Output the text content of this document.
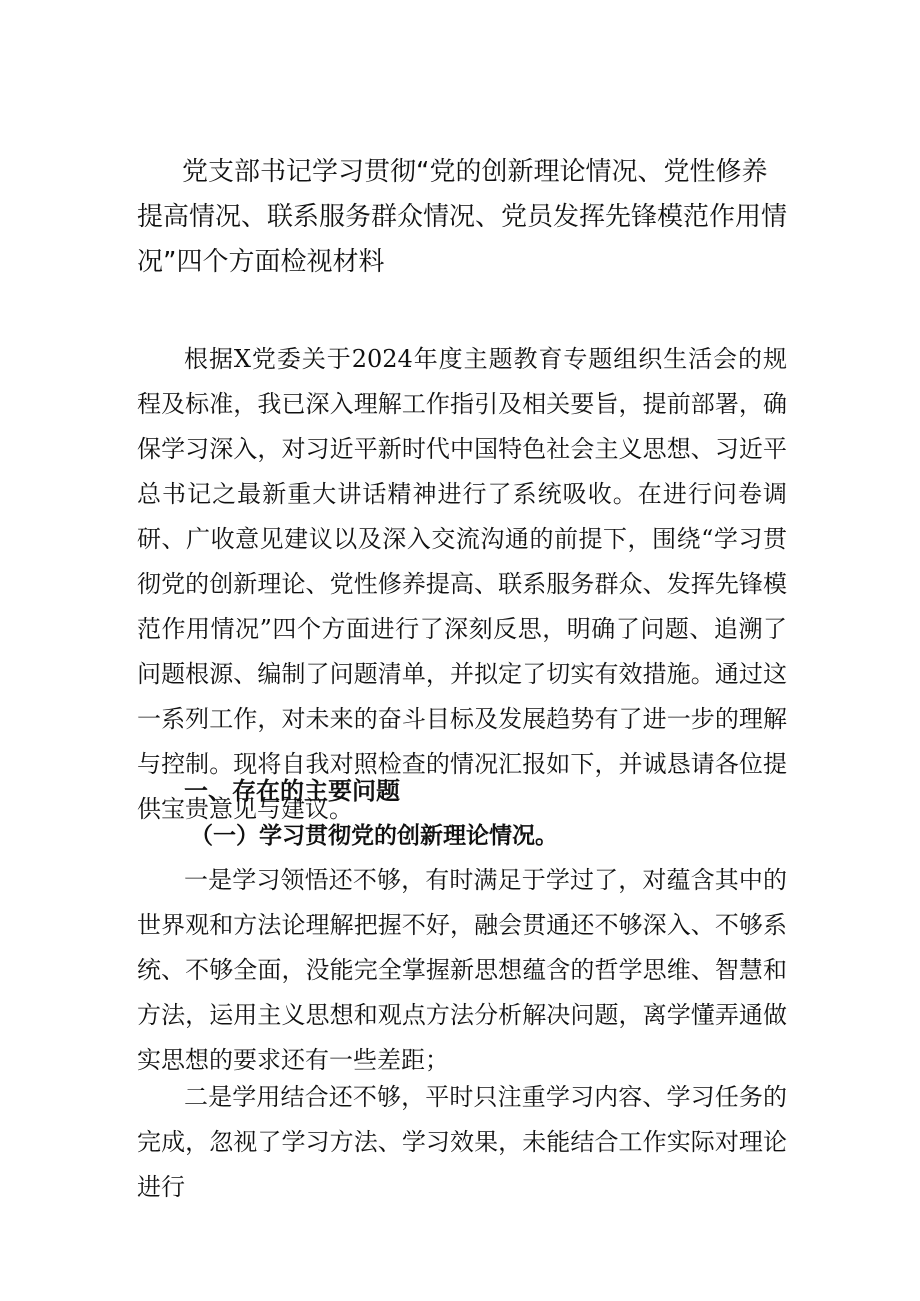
党支部书记学习贯彻“党的创新理论情况、党性修养提高情况、联系服务群众情况、党员发挥先锋模范作用情况”四个方面检视材料

根据X党委关于2024年度主题教育专题组织生活会的规程及标准，我已深入理解工作指引及相关要旨，提前部署，确保学习深入，对习近平新时代中国特色社会主义思想、习近平总书记之最新重大讲话精神进行了系统吸收。在进行问卷调研、广收意见建议以及深入交流沟通的前提下，围绕“学习贯彻党的创新理论、党性修养提高、联系服务群众、发挥先锋模范作用情况”四个方面进行了深刻反思，明确了问题、追溯了问题根源、编制了问题清单，并拟定了切实有效措施。通过这一系列工作，对未来的奋斗目标及发展趋势有了进一步的理解与控制。现将自我对照检查的情况汇报如下，并诚恳请各位提供宝贵意见与建议。

一、存在的主要问题
（一）学习贯彻党的创新理论情况。

一是学习领悟还不够，有时满足于学过了，对蕴含其中的世界观和方法论理解把握不好，融会贯通还不够深入、不够系统、不够全面，没能完全掌握新思想蕴含的哲学思维、智慧和方法，运用主义思想和观点方法分析解决问题，离学懂弄通做实思想的要求还有一些差距；

二是学用结合还不够，平时只注重学习内容、学习任务的完成，忽视了学习方法、学习效果，未能结合工作实际对理论进行
